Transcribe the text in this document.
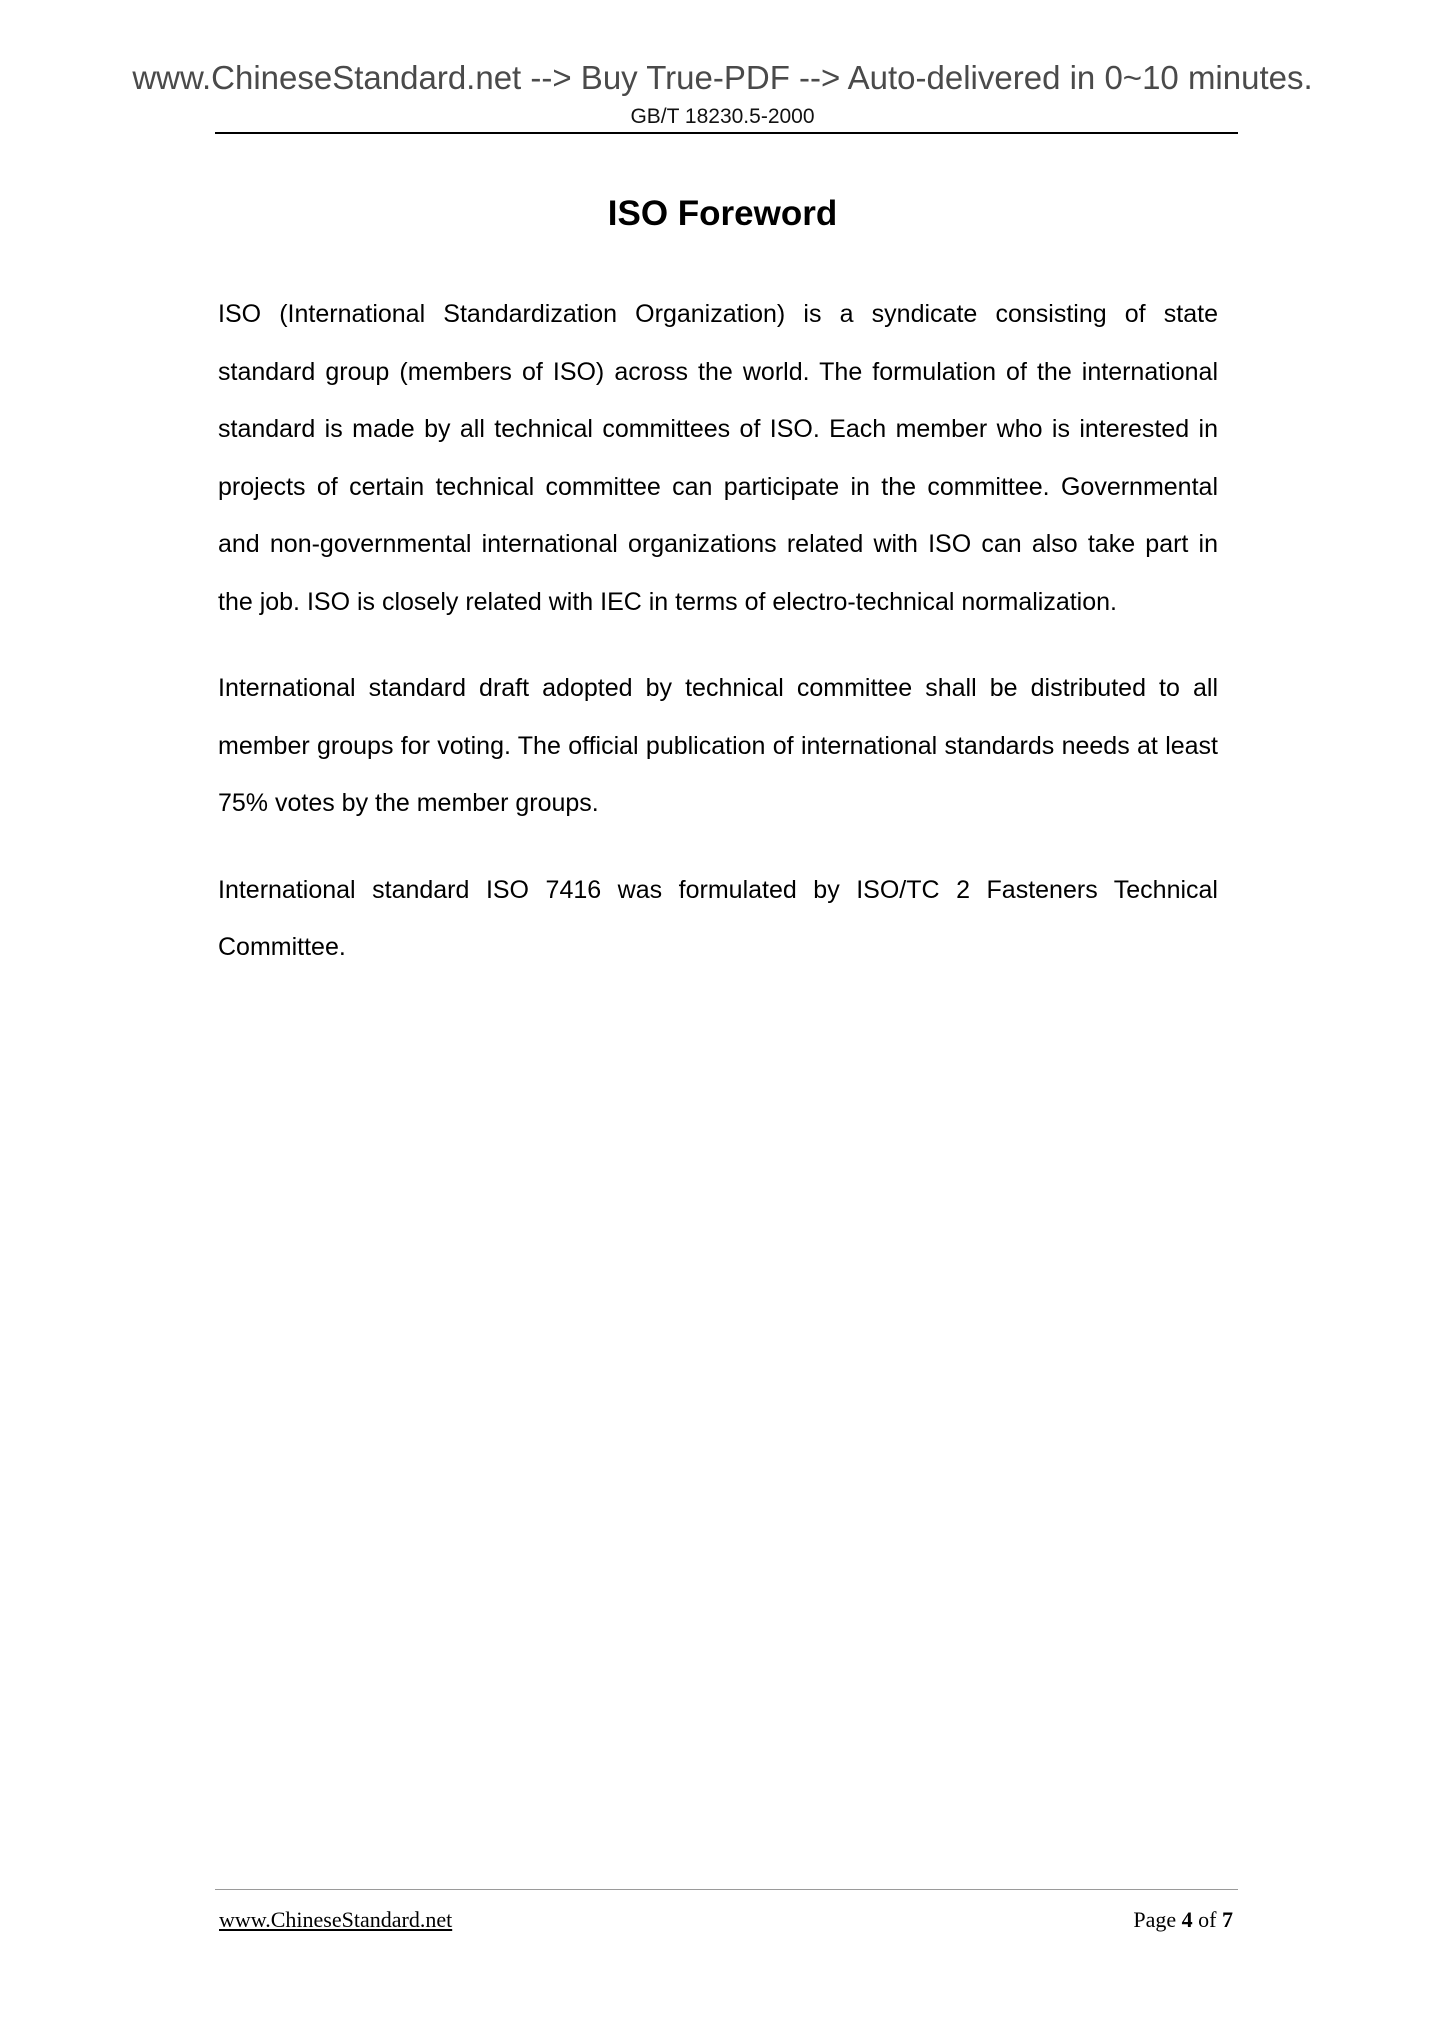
www.ChineseStandard.net --> Buy True-PDF --> Auto-delivered in 0~10 minutes.
GB/T 18230.5-2000
ISO Foreword

ISO (International Standardization Organization) is a syndicate consisting of state standard group (members of ISO) across the world. The formulation of the international standard is made by all technical committees of ISO. Each member who is interested in projects of certain technical committee can participate in the committee. Governmental and non-governmental international organizations related with ISO can also take part in the job. ISO is closely related with IEC in terms of electro-technical normalization.

International standard draft adopted by technical committee shall be distributed to all member groups for voting. The official publication of international standards needs at least 75% votes by the member groups.

International standard ISO 7416 was formulated by ISO/TC 2 Fasteners Technical Committee.

www.ChineseStandard.net	Page 4 of 7
